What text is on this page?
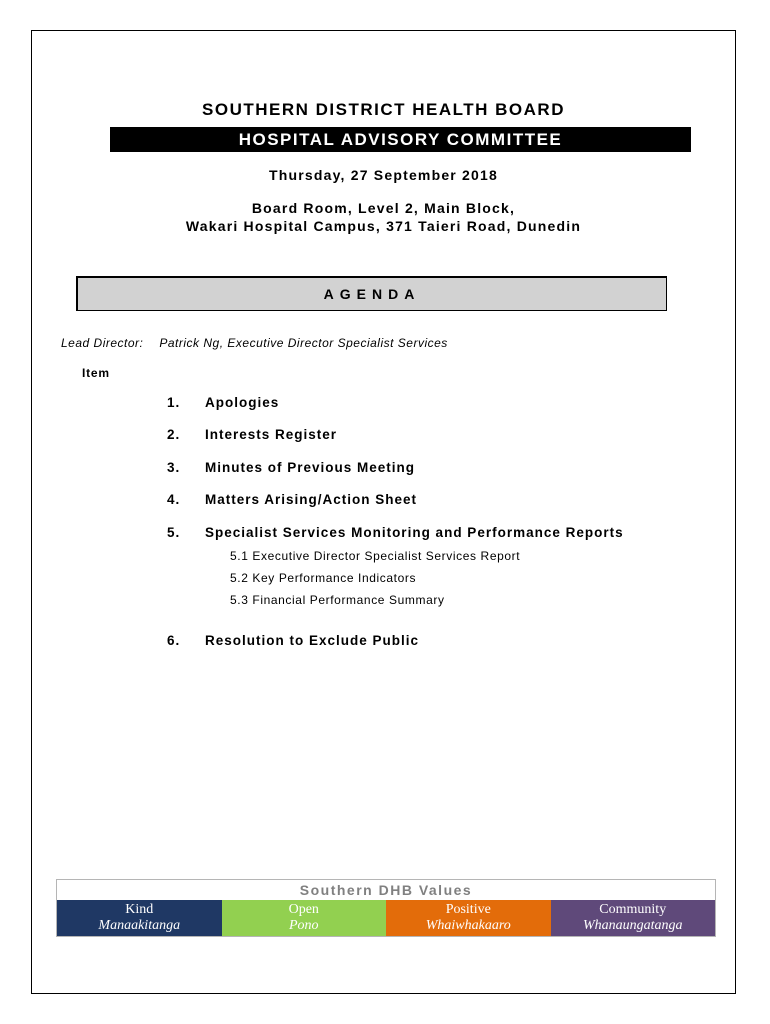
SOUTHERN DISTRICT HEALTH BOARD
HOSPITAL ADVISORY COMMITTEE
Thursday, 27 September 2018
Board Room, Level 2, Main Block,
Wakari Hospital Campus, 371 Taieri Road, Dunedin
AGENDA
Lead Director: Patrick Ng, Executive Director Specialist Services
Item
1. Apologies
2. Interests Register
3. Minutes of Previous Meeting
4. Matters Arising/Action Sheet
5. Specialist Services Monitoring and Performance Reports
5.1 Executive Director Specialist Services Report
5.2 Key Performance Indicators
5.3 Financial Performance Summary
6. Resolution to Exclude Public
Southern DHB Values
Kind
Manaakitanga
Open
Pono
Positive
Whaiwhakaaro
Community
Whanaungatanga
